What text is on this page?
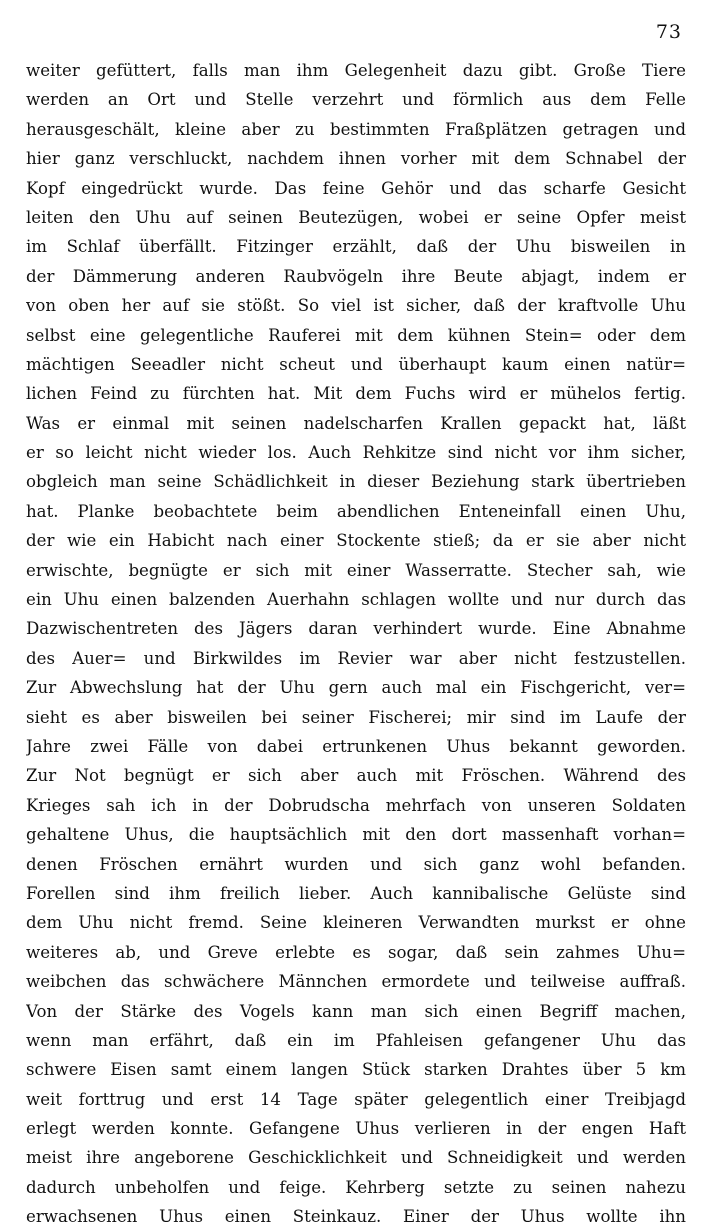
73
weiter gefüttert, falls man ihm Gelegenheit dazu gibt. Große Tiere
werden an Ort und Stelle verzehrt und förmlich aus dem Felle
herausgeschält, kleine aber zu bestimmten Fraßplätzen getragen und
hier ganz verschluckt, nachdem ihnen vorher mit dem Schnabel der
Kopf eingedrückt wurde. Das feine Gehör und das scharfe Gesicht
leiten den Uhu auf seinen Beutezügen, wobei er seine Opfer meist
im Schlaf überfällt. Fitzinger erzählt, daß der Uhu bisweilen in
der Dämmerung anderen Raubvögeln ihre Beute abjagt, indem er
von oben her auf sie stößt. So viel ist sicher, daß der kraftvolle Uhu
selbst eine gelegentliche Rauferei mit dem kühnen Stein= oder dem
mächtigen Seeadler nicht scheut und überhaupt kaum einen natür=
lichen Feind zu fürchten hat. Mit dem Fuchs wird er mühelos fertig.
Was er einmal mit seinen nadelscharfen Krallen gepackt hat, läßt
er so leicht nicht wieder los. Auch Rehkitze sind nicht vor ihm sicher,
obgleich man seine Schädlichkeit in dieser Beziehung stark übertrieben
hat. Planke beobachtete beim abendlichen Enteneinfall einen Uhu,
der wie ein Habicht nach einer Stockente stieß; da er sie aber nicht
erwischte, begnügte er sich mit einer Wasserratte. Stecher sah, wie
ein Uhu einen balzenden Auerhahn schlagen wollte und nur durch das
Dazwischentreten des Jägers daran verhindert wurde. Eine Abnahme
des Auer= und Birkwildes im Revier war aber nicht festzustellen.
Zur Abwechslung hat der Uhu gern auch mal ein Fischgericht, ver=
sieht es aber bisweilen bei seiner Fischerei; mir sind im Laufe der
Jahre zwei Fälle von dabei ertrunkenen Uhus bekannt geworden.
Zur Not begnügt er sich aber auch mit Fröschen. Während des
Krieges sah ich in der Dobrudscha mehrfach von unseren Soldaten
gehaltene Uhus, die hauptsächlich mit den dort massenhaft vorhan=
denen Fröschen ernährt wurden und sich ganz wohl befanden.
Forellen sind ihm freilich lieber. Auch kannibalische Gelüste sind
dem Uhu nicht fremd. Seine kleineren Verwandten murkst er ohne
weiteres ab, und Greve erlebte es sogar, daß sein zahmes Uhu=
weibchen das schwächere Männchen ermordete und teilweise auffraß.
Von der Stärke des Vogels kann man sich einen Begriff machen,
wenn man erfährt, daß ein im Pfahleisen gefangener Uhu das
schwere Eisen samt einem langen Stück starken Drahtes über 5 km
weit forttrug und erst 14 Tage später gelegentlich einer Treibjagd
erlegt werden konnte. Gefangene Uhus verlieren in der engen Haft
meist ihre angeborene Geschicklichkeit und Schneidigkeit und werden
dadurch unbeholfen und feige. Kehrberg setzte zu seinen nahezu
erwachsenen Uhus einen Steinkauz. Einer der Uhus wollte ihn
